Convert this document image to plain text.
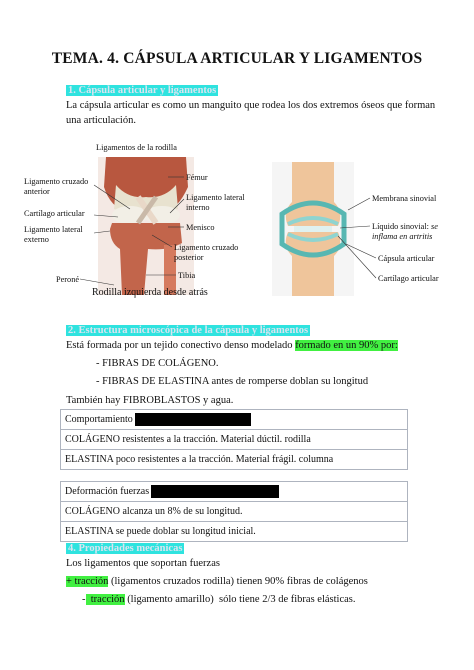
TEMA. 4. CÁPSULA ARTICULAR Y LIGAMENTOS
1. Cápsula articular y ligamentos
La cápsula articular es como un manguito que rodea los dos extremos óseos que forman
una articulación.
Ligamentos de la rodilla
Fémur
Ligamento cruzado
anterior
Ligamento lateral
interno
Cartílago articular
Ligamento lateral
externo
Menisco
Ligamento cruzado
posterior
Peroné	Tibia
Rodilla izquierda desde atrás
Membrana sinovial
Líquido sinovial: se
inflama en artritis
Cápsula articular
Cartílago articular
2. Estructura microscópica de la cápsula y ligamentos
Está formada por un tejido conectivo denso modelado formado en un 90% por:
- FIBRAS DE COLÁGENO.
- FIBRAS DE ELASTINA antes de romperse doblan su longitud
También hay FIBROBLASTOS y agua.
Comportamiento
COLÁGENO resistentes a la tracción. Material dúctil. rodilla
ELASTINA poco resistentes a la tracción. Material frágil. columna
Deformación fuerzas
COLÁGENO alcanza un 8% de su longitud.
ELASTINA se puede doblar su longitud inicial.
4. Propiedades mecánicas
Los ligamentos que soportan fuerzas
+ tracción (ligamentos cruzados rodilla) tienen 90% fibras de colágenos
-  tracción (ligamento amarillo)  sólo tiene 2/3 de fibras elásticas.
